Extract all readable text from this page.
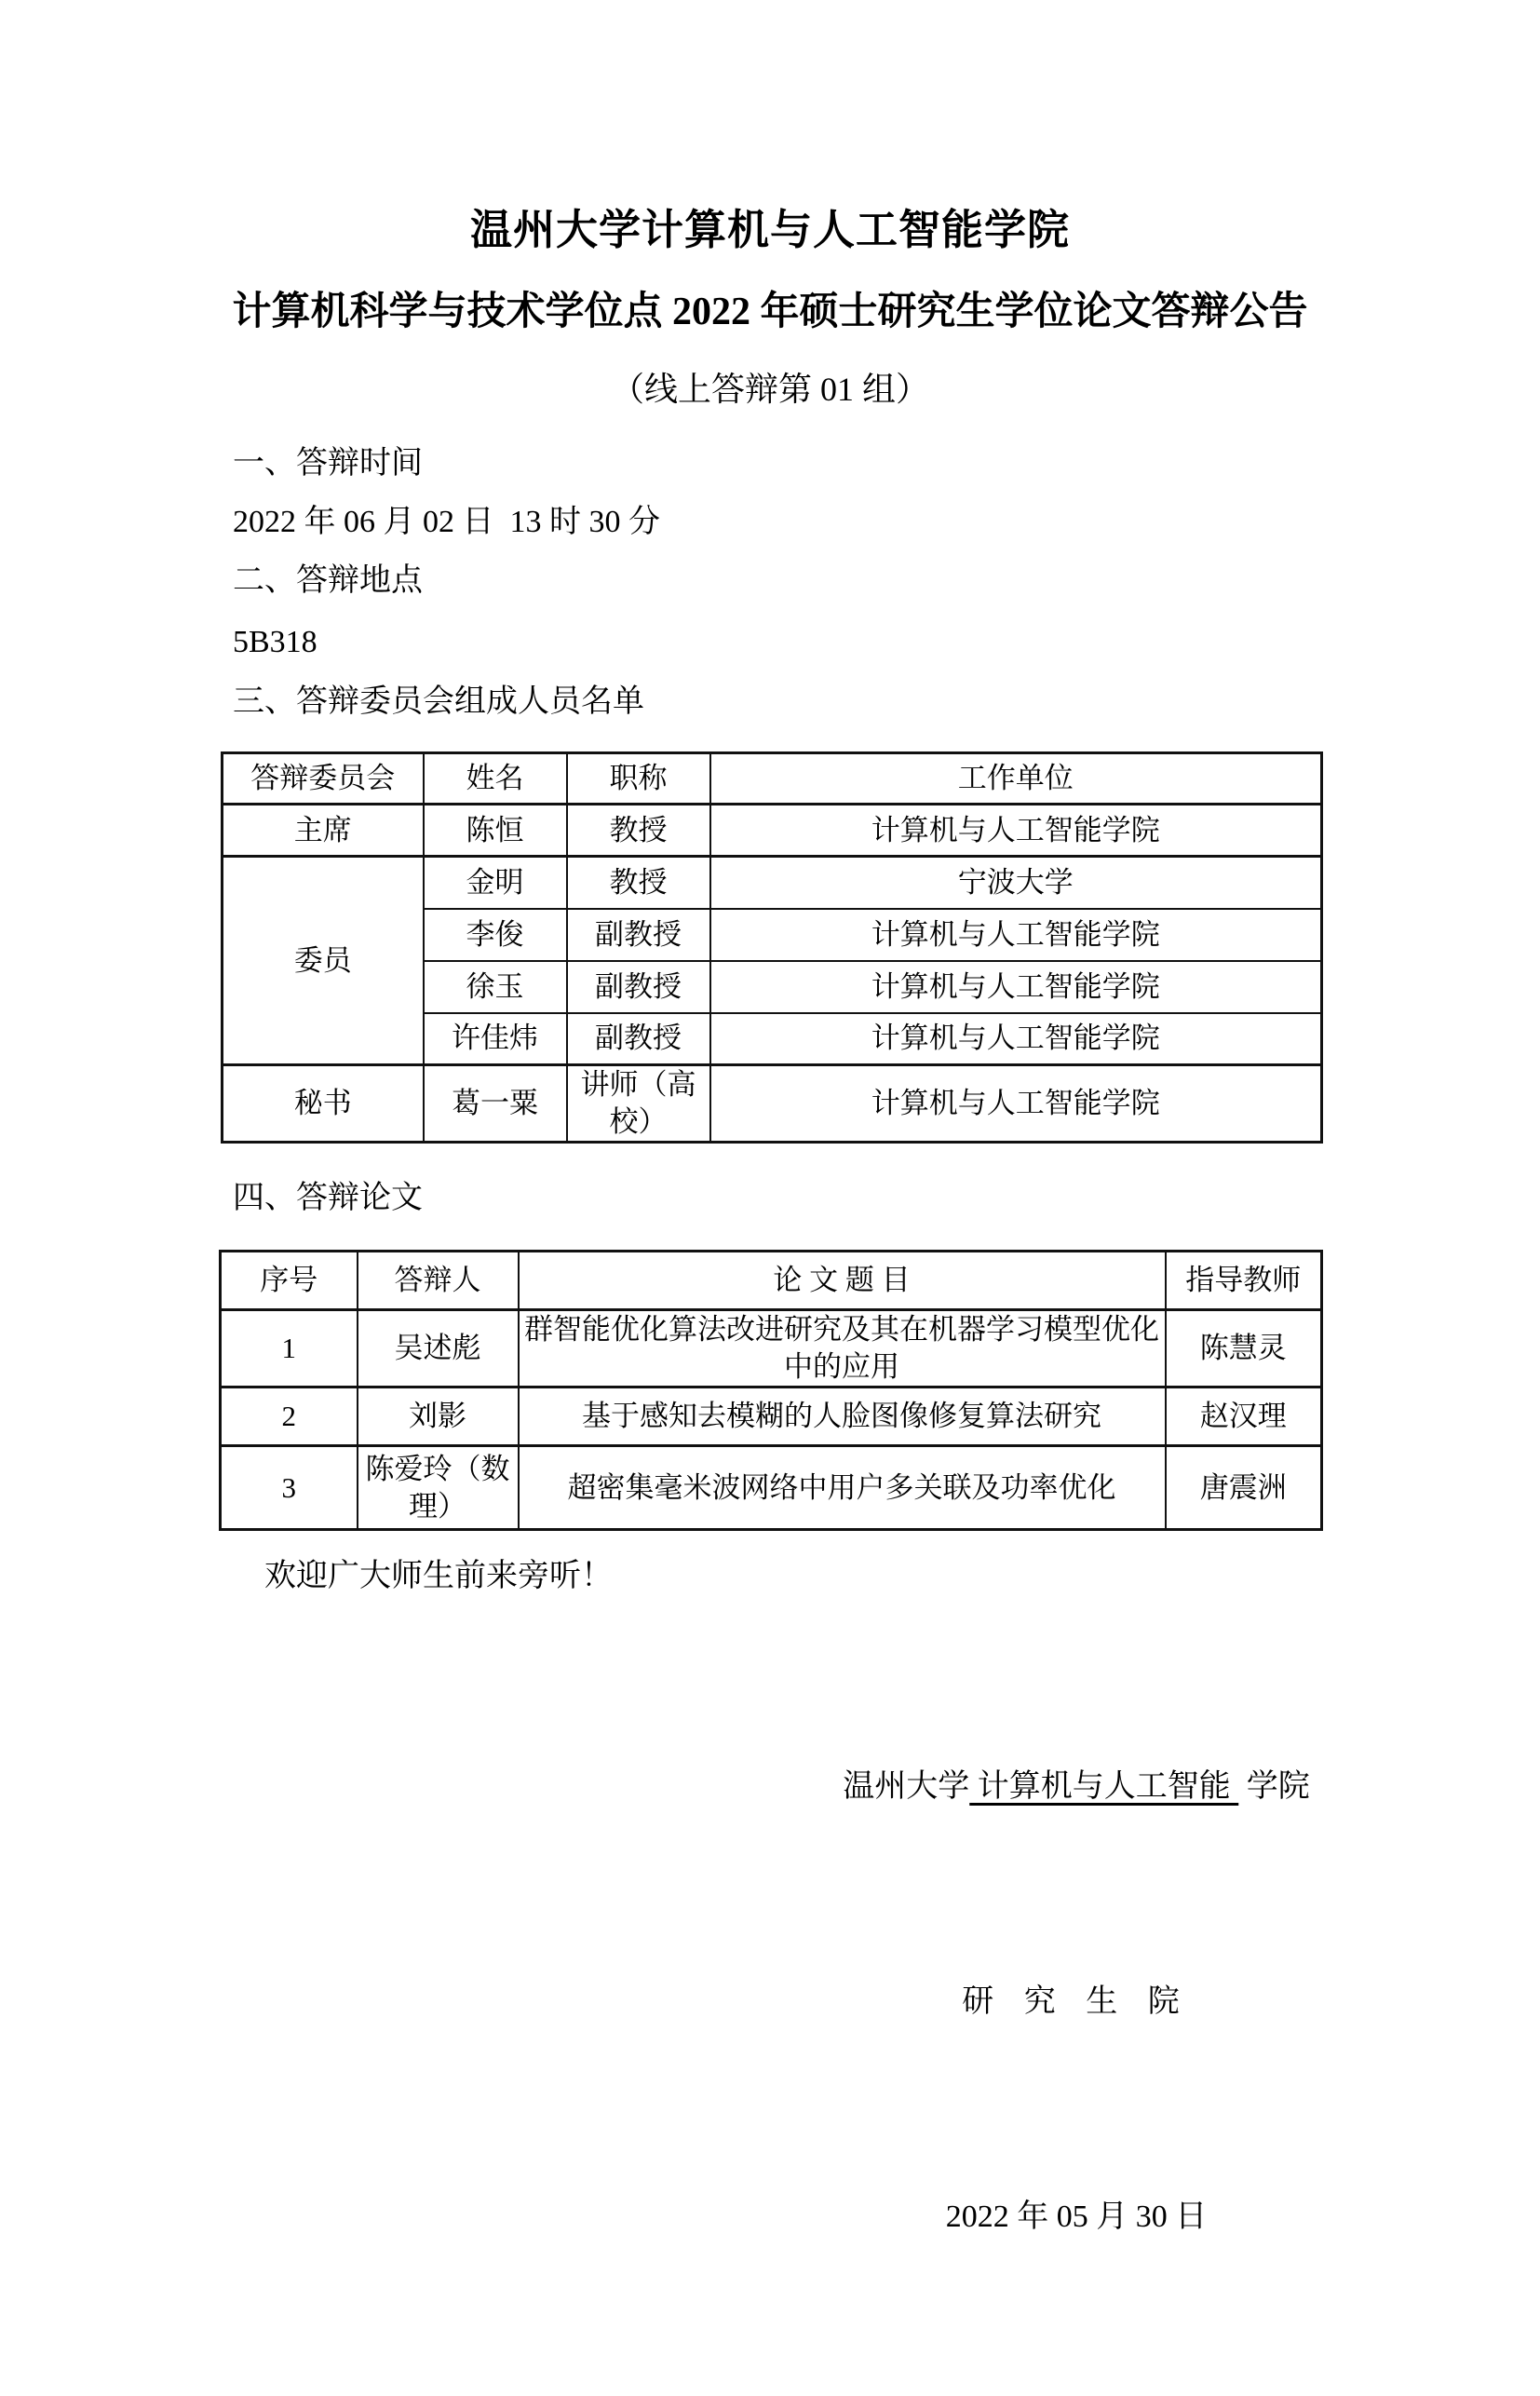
温州大学计算机与人工智能学院
计算机科学与技术学位点 2022 年硕士研究生学位论文答辩公告
（线上答辩第 01 组）
一、答辩时间
2022 年 06 月 02 日  13 时 30 分
二、答辩地点
5B318
三、答辩委员会组成人员名单
答辩委员会	姓名	职称	工作单位
主席	陈恒	教授	计算机与人工智能学院
委员	金明	教授	宁波大学
	李俊	副教授	计算机与人工智能学院
	徐玉	副教授	计算机与人工智能学院
	许佳炜	副教授	计算机与人工智能学院
秘书	葛一粟	讲师（高校）	计算机与人工智能学院
四、答辩论文
序号	答辩人	论 文 题 目	指导教师
1	吴述彪	群智能优化算法改进研究及其在机器学习模型优化中的应用	陈慧灵
2	刘影	基于感知去模糊的人脸图像修复算法研究	赵汉理
3	陈爱玲（数理）	超密集毫米波网络中用户多关联及功率优化	唐震洲
欢迎广大师生前来旁听！

温州大学 计算机与人工智能  学院

研 究 生 院

2022 年 05 月 30 日
